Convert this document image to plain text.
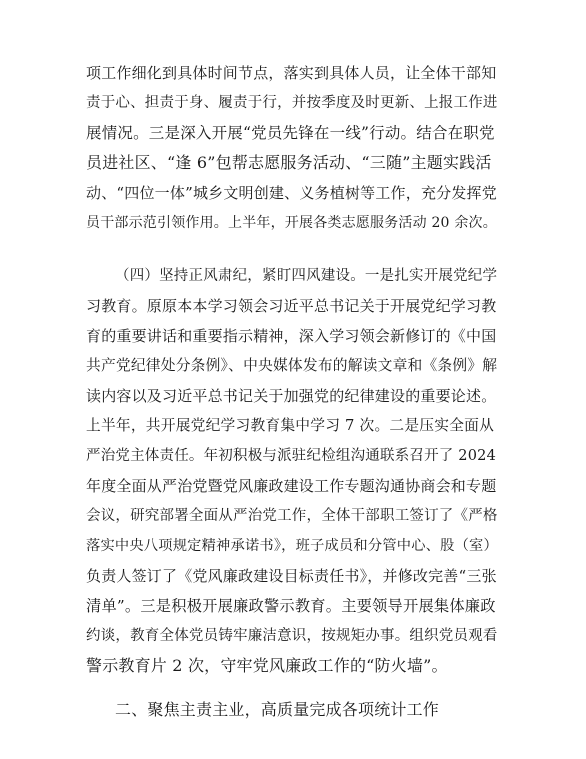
项工作细化到具体时间节点，落实到具体人员，让全体干部知
责于心、担责于身、履责于行，并按季度及时更新、上报工作进
展情况。三是深入开展“党员先锋在一线”行动。结合在职党
员进社区、“逢 6”包帮志愿服务活动、“三随”主题实践活
动、“四位一体”城乡文明创建、义务植树等工作，充分发挥党
员干部示范引领作用。上半年，开展各类志愿服务活动 20 余次。
（四）坚持正风肃纪，紧盯四风建设。一是扎实开展党纪学
习教育。原原本本学习领会习近平总书记关于开展党纪学习教
育的重要讲话和重要指示精神，深入学习领会新修订的《中国
共产党纪律处分条例》、中央媒体发布的解读文章和《条例》解
读内容以及习近平总书记关于加强党的纪律建设的重要论述。
上半年，共开展党纪学习教育集中学习 7 次。二是压实全面从
严治党主体责任。年初积极与派驻纪检组沟通联系召开了 2024
年度全面从严治党暨党风廉政建设工作专题沟通协商会和专题
会议，研究部署全面从严治党工作，全体干部职工签订了《严格
落实中央八项规定精神承诺书》，班子成员和分管中心、股（室）
负责人签订了《党风廉政建设目标责任书》，并修改完善“三张
清单”。三是积极开展廉政警示教育。主要领导开展集体廉政
约谈，教育全体党员铸牢廉洁意识，按规矩办事。组织党员观看
警示教育片 2 次，守牢党风廉政工作的“防火墙”。
二、聚焦主责主业，高质量完成各项统计工作
